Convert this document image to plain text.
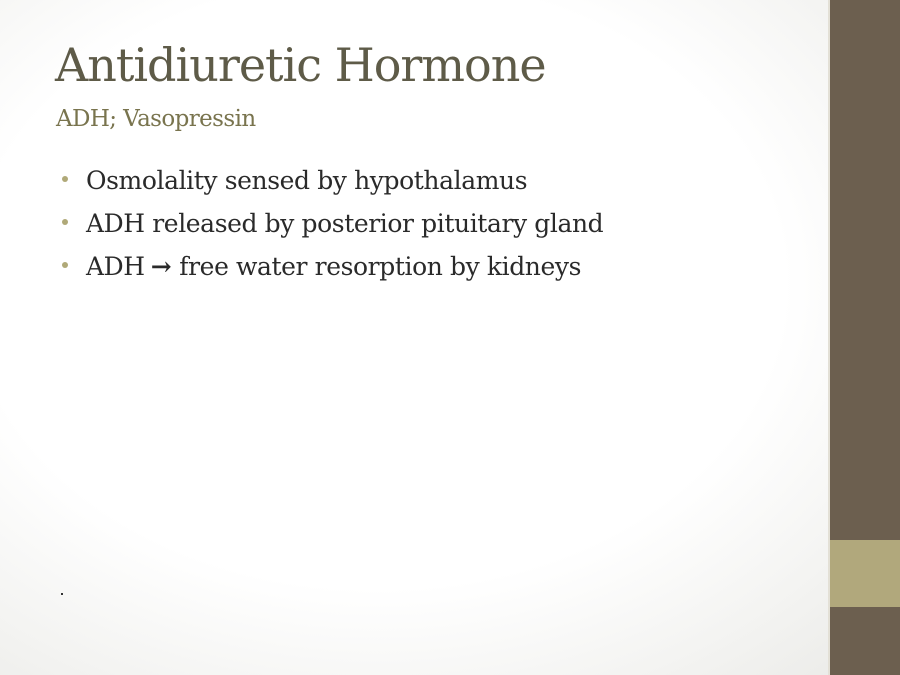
Antidiuretic Hormone
ADH; Vasopressin
Osmolality sensed by hypothalamus
ADH released by posterior pituitary gland
ADH → free water resorption by kidneys
